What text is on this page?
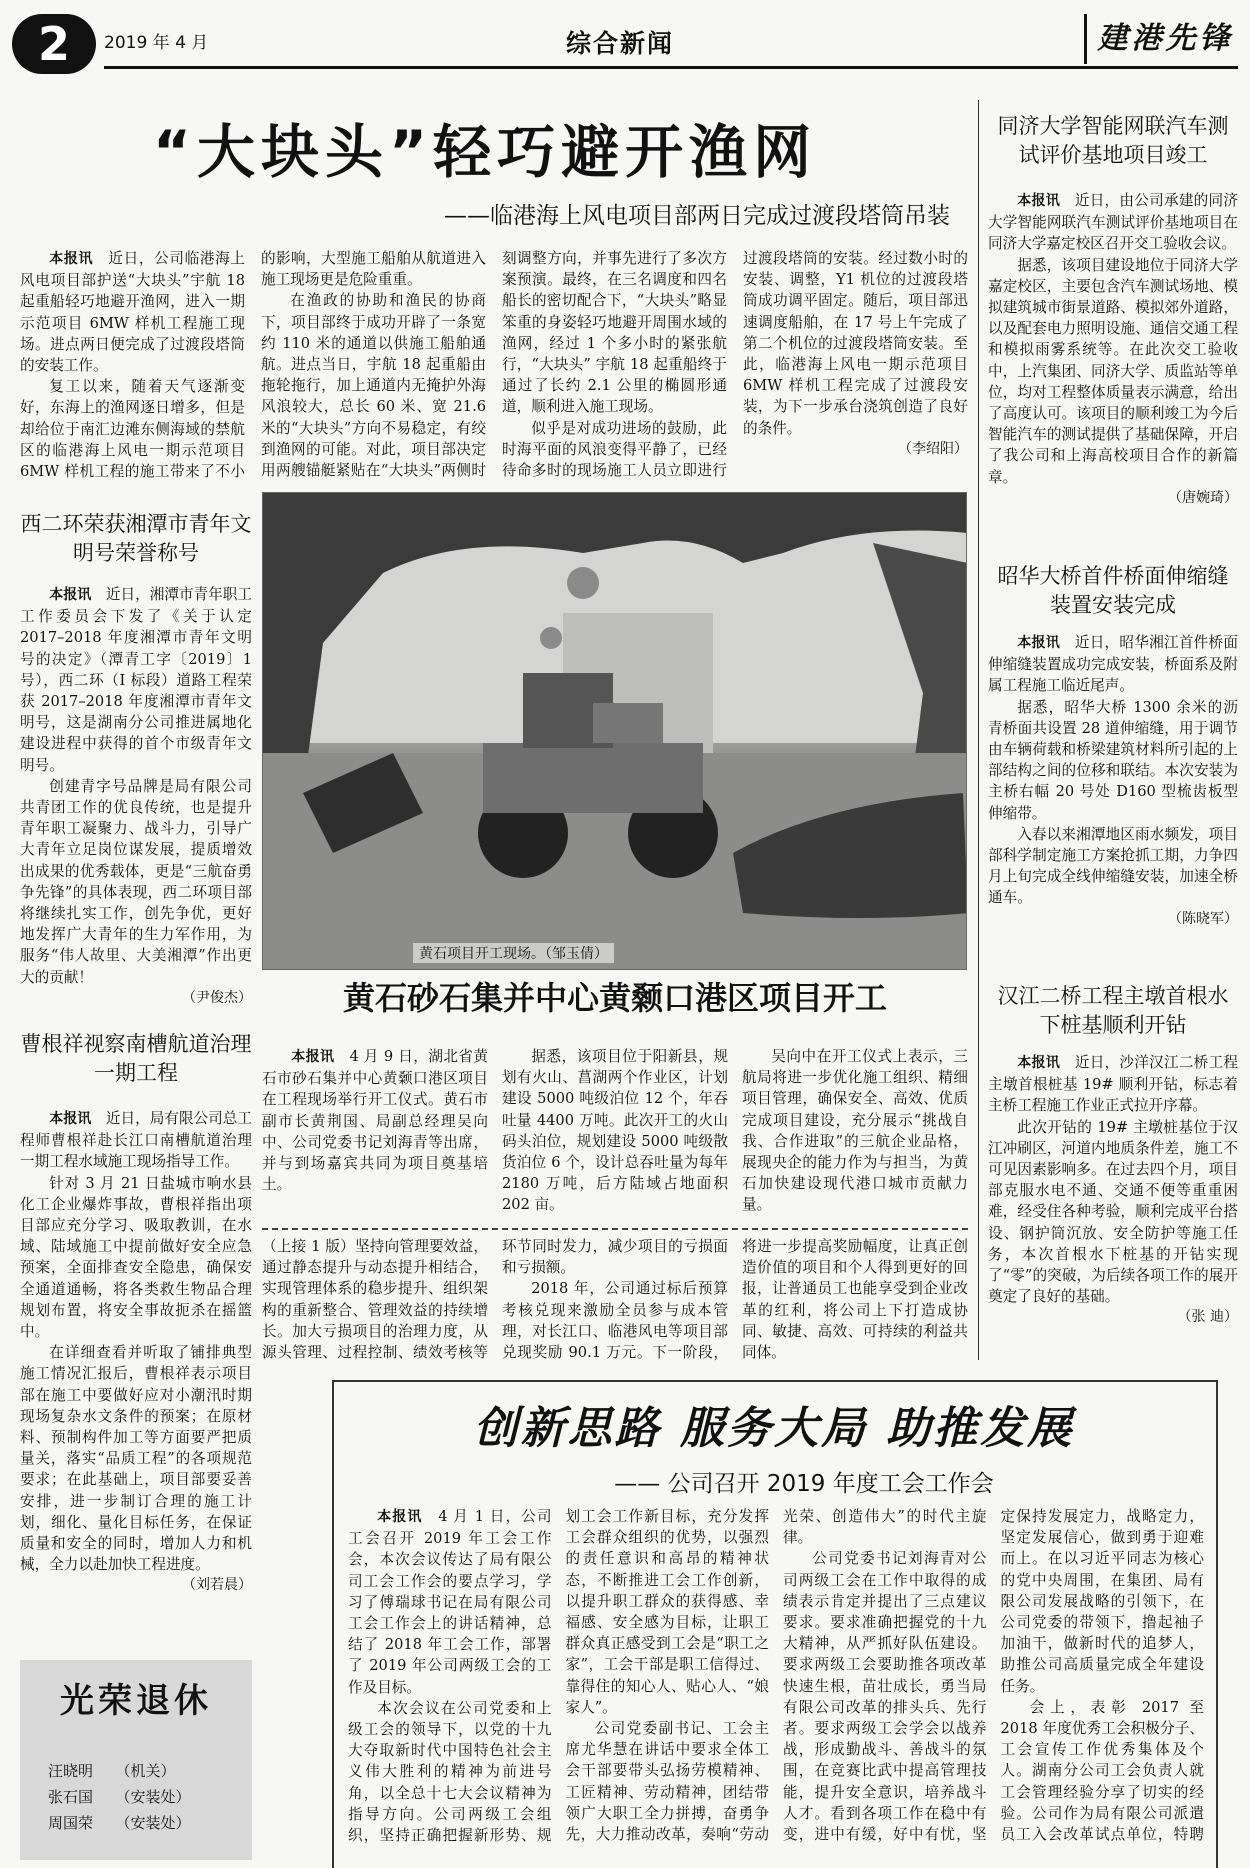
2	2019 年 4 月	综合新闻	建港先锋
“大块头”轻巧避开渔网
——临港海上风电项目部两日完成过渡段塔筒吊装

本报讯　 近日，公司临港海上风电项目部护送“大块头”宇航 18 起重船轻巧地避开渔网，进入一期示范项目 6MW 样机工程施工现场。进点两日便完成了过渡段塔筒的安装工作。

复工以来，随着天气逐渐变好，东海上的渔网逐日增多，但是却给位于南汇边滩东侧海域的禁航区的临港海上风电一期示范项目 6MW 样机工程的施工带来了不小的影响，大型施工船舶从航道进入施工现场更是危险重重。

在渔政的协助和渔民的协商下，项目部终于成功开辟了一条宽约 110 米的通道以供施工船舶通航。进点当日，宇航 18 起重船由拖轮拖行，加上通道内无掩护外海风浪较大，总长 60 米、宽 21.6 米的“大块头”方向不易稳定，有绞到渔网的可能。对此，项目部决定用两艘锚艇紧贴在“大块头”两侧时刻调整方向，并事先进行了多次方案预演。最终，在三名调度和四名船长的密切配合下，“大块头”略显笨重的身姿轻巧地避开周围水域的渔网，经过 1 个多小时的紧张航行，“大块头” 宇航 18 起重船终于通过了长约 2.1 公里的椭圆形通道，顺利进入施工现场。

似乎是对成功进场的鼓励，此时海平面的风浪变得平静了，已经待命多时的现场施工人员立即进行过渡段塔筒的安装。经过数小时的安装、调整，Y1 机位的过渡段塔筒成功调平固定。随后，项目部迅速调度船舶，在 17 号上午完成了第二个机位的过渡段塔筒安装。至此，临港海上风电一期示范项目 6MW 样机工程完成了过渡段安装，为下一步承台浇筑创造了良好的条件。

（李绍阳）
同济大学智能网联汽车测试评价基地项目竣工

本报讯　 近日，由公司承建的同济大学智能网联汽车测试评价基地项目在同济大学嘉定校区召开交工验收会议。

据悉，该项目建设地位于同济大学嘉定校区，主要包含汽车测试场地、模拟建筑城市街景道路、模拟郊外道路，以及配套电力照明设施、通信交通工程和模拟雨雾系统等。在此次交工验收中，上汽集团、同济大学、质监站等单位，均对工程整体质量表示满意，给出了高度认可。该项目的顺利竣工为今后智能汽车的测试提供了基础保障，开启了我公司和上海高校项目合作的新篇章。

（唐婉琦）
昭华大桥首件桥面伸缩缝装置安装完成

本报讯　 近日，昭华湘江首件桥面伸缩缝装置成功完成安装，桥面系及附属工程施工临近尾声。

据悉，昭华大桥 1300 余米的沥青桥面共设置 28 道伸缩缝，用于调节由车辆荷载和桥梁建筑材料所引起的上部结构之间的位移和联结。本次安装为主桥右幅 20 号处 D160 型梳齿板型伸缩带。

入春以来湘潭地区雨水频发，项目部科学制定施工方案抢抓工期，力争四月上旬完成全线伸缩缝安装，加速全桥通车。

（陈晓军）
汉江二桥工程主墩首根水下桩基顺利开钻

本报讯　 近日，沙洋汉江二桥工程主墩首根桩基 19# 顺利开钻，标志着主桥工程施工作业正式拉开序幕。

此次开钻的 19# 主墩桩基位于汉江冲刷区，河道内地质条件差，施工不可见因素影响多。在过去四个月，项目部克服水电不通、交通不便等重重困难，经受住各种考验，顺利完成平台搭设、钢护筒沉放、安全防护等施工任务，本次首根水下桩基的开钻实现了“零”的突破，为后续各项工作的展开奠定了良好的基础。

（张 迪）
西二环荣获湘潭市青年文明号荣誉称号

本报讯　 近日，湘潭市青年职工工作委员会下发了《关于认定 2017–2018 年度湘潭市青年文明号的决定》（潭青工字〔2019〕1 号），西二环（I 标段）道路工程荣获 2017–2018 年度湘潭市青年文明号，这是湖南分公司推进属地化建设进程中获得的首个市级青年文明号。

创建青字号品牌是局有限公司共青团工作的优良传统，也是提升青年职工凝聚力、战斗力，引导广大青年立足岗位谋发展，提质增效出成果的优秀载体，更是“三航奋勇争先锋”的具体表现，西二环项目部将继续扎实工作，创先争优，更好地发挥广大青年的生力军作用，为服务“伟人故里、大美湘潭”作出更大的贡献！

（尹俊杰）
曹根祥视察南槽航道治理一期工程

本报讯　 近日，局有限公司总工程师曹根祥赴长江口南槽航道治理一期工程水域施工现场指导工作。

针对 3 月 21 日盐城市响水县化工企业爆炸事故，曹根祥指出项目部应充分学习、吸取教训，在水域、陆域施工中提前做好安全应急预案，全面排查安全隐患，确保安全通道通畅，将各类救生物品合理规划布置，将安全事故扼杀在摇篮中。

在详细查看并听取了铺排典型施工情况汇报后，曹根祥表示项目部在施工中要做好应对小潮汛时期现场复杂水文条件的预案；在原材料、预制构件加工等方面要严把质量关，落实“品质工程”的各项规范要求；在此基础上，项目部要妥善安排，进一步制订合理的施工计划，细化、量化目标任务，在保证质量和安全的同时，增加人力和机械，全力以赴加快工程进度。

（刘若晨）
黄石项目开工现场。（邹玉倩）
黄石砂石集并中心黄颡口港区项目开工

本报讯　 4 月 9 日，湖北省黄石市砂石集并中心黄颡口港区项目在工程现场举行开工仪式。黄石市副市长黄荆国、局副总经理吴向中、公司党委书记刘海青等出席，并与到场嘉宾共同为项目奠基培土。

据悉，该项目位于阳新县，规划有火山、菖湖两个作业区，计划建设 5000 吨级泊位 12 个，年吞吐量 4400 万吨。此次开工的火山码头泊位，规划建设 5000 吨级散货泊位 6 个，设计总吞吐量为每年 2180 万吨，后方陆域占地面积 202 亩。

吴向中在开工仪式上表示，三航局将进一步优化施工组织、精细项目管理，确保安全、高效、优质完成项目建设，充分展示“挑战自我、合作进取”的三航企业品格，展现央企的能力作为与担当，为黄石加快建设现代港口城市贡献力量。

（上接 1 版）坚持向管理要效益，通过静态提升与动态提升相结合，实现管理体系的稳步提升、组织架构的重新整合、管理效益的持续增长。加大亏损项目的治理力度，从源头管理、过程控制、绩效考核等环节同时发力，减少项目的亏损面和亏损额。

2018 年，公司通过标后预算考核兑现来激励全员参与成本管理，对长江口、临港风电等项目部兑现奖励 90.1 万元。下一阶段，将进一步提高奖励幅度，让真正创造价值的项目和个人得到更好的回报，让普通员工也能享受到企业改革的红利，将公司上下打造成协同、敏捷、高效、可持续的利益共同体。

创新思路 服务大局 助推发展
—— 公司召开 2019 年度工会工作会

本报讯　 4 月 1 日，公司工会召开 2019 年工会工作会，本次会议传达了局有限公司工会工作会的要点学习，学习了傅瑞球书记在局有限公司工会工作会上的讲话精神，总结了 2018 年工会工作，部署了 2019 年公司两级工会的工作及目标。

本次会议在公司党委和上级工会的领导下，以党的十九大夺取新时代中国特色社会主义伟大胜利的精神为前进号角，以全总十七大会议精神为指导方向。公司两级工会组织，坚持正确把握新形势、规划工会工作新目标，充分发挥工会群众组织的优势，以强烈的责任意识和高昂的精神状态，不断推进工会工作创新，以提升职工群众的获得感、幸福感、安全感为目标，让职工群众真正感受到工会是“职工之家”，工会干部是职工信得过、靠得住的知心人、贴心人、“娘家人”。

公司党委副书记、工会主席尤华慧在讲话中要求全体工会干部要带头弘扬劳模精神、工匠精神、劳动精神，团结带领广大职工全力拼搏，奋勇争先，大力推动改革，奏响“劳动光荣、创造伟大”的时代主旋律。

公司党委书记刘海青对公司两级工会在工作中取得的成绩表示肯定并提出了三点建议要求。要求准确把握党的十九大精神，从严抓好队伍建设。要求两级工会要助推各项改革快速生根，苗壮成长，勇当局有限公司改革的排头兵、先行者。要求两级工会学会以战养战，形成勤战斗、善战斗的氛围，在竞赛比武中提高管理技能，提升安全意识，培养战斗人才。看到各项工作在稳中有变，进中有缓，好中有忧，坚定保持发展定力，战略定力，坚定发展信心，做到勇于迎难而上。在以习近平同志为核心的党中央周围，在集团、局有限公司发展战略的引领下，在公司党委的带领下，撸起袖子加油干，做新时代的追梦人，助推公司高质量完成全年建设任务。

会上，表彰 2017 至 2018 年度优秀工会积极分子、工会宣传工作优秀集体及个人。湖南分公司工会负责人就工会管理经验分享了切实的经验。公司作为局有限公司派遣员工入会改革试点单位，特聘

光荣退休
汪晓明　　 （机关）
张石国　　 （安装处）
周国荣　　 （安装处）
